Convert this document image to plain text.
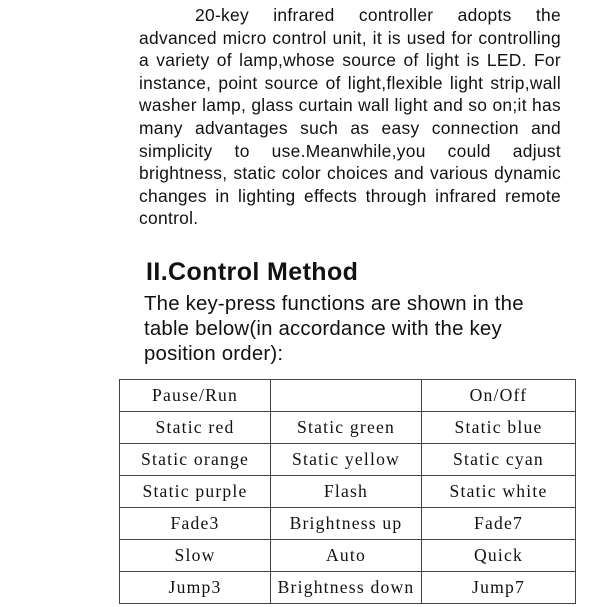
20-key infrared controller adopts the advanced micro control unit, it is used for controlling a variety of lamp,whose source of light is LED. For instance, point source of light,flexible light strip,wall washer lamp, glass curtain wall light and so on;it has many advantages such as easy connection and simplicity to use.Meanwhile,you could adjust brightness, static color choices and various dynamic changes in lighting effects through infrared remote control.

II.Control Method

The key-press functions are shown in the table below(in accordance with the key position order):

Pause/Run		On/Off
Static red	Static green	Static blue
Static orange	Static yellow	Static cyan
Static purple	Flash	Static white
Fade3	Brightness up	Fade7
Slow	Auto	Quick
Jump3	Brightness down	Jump7
